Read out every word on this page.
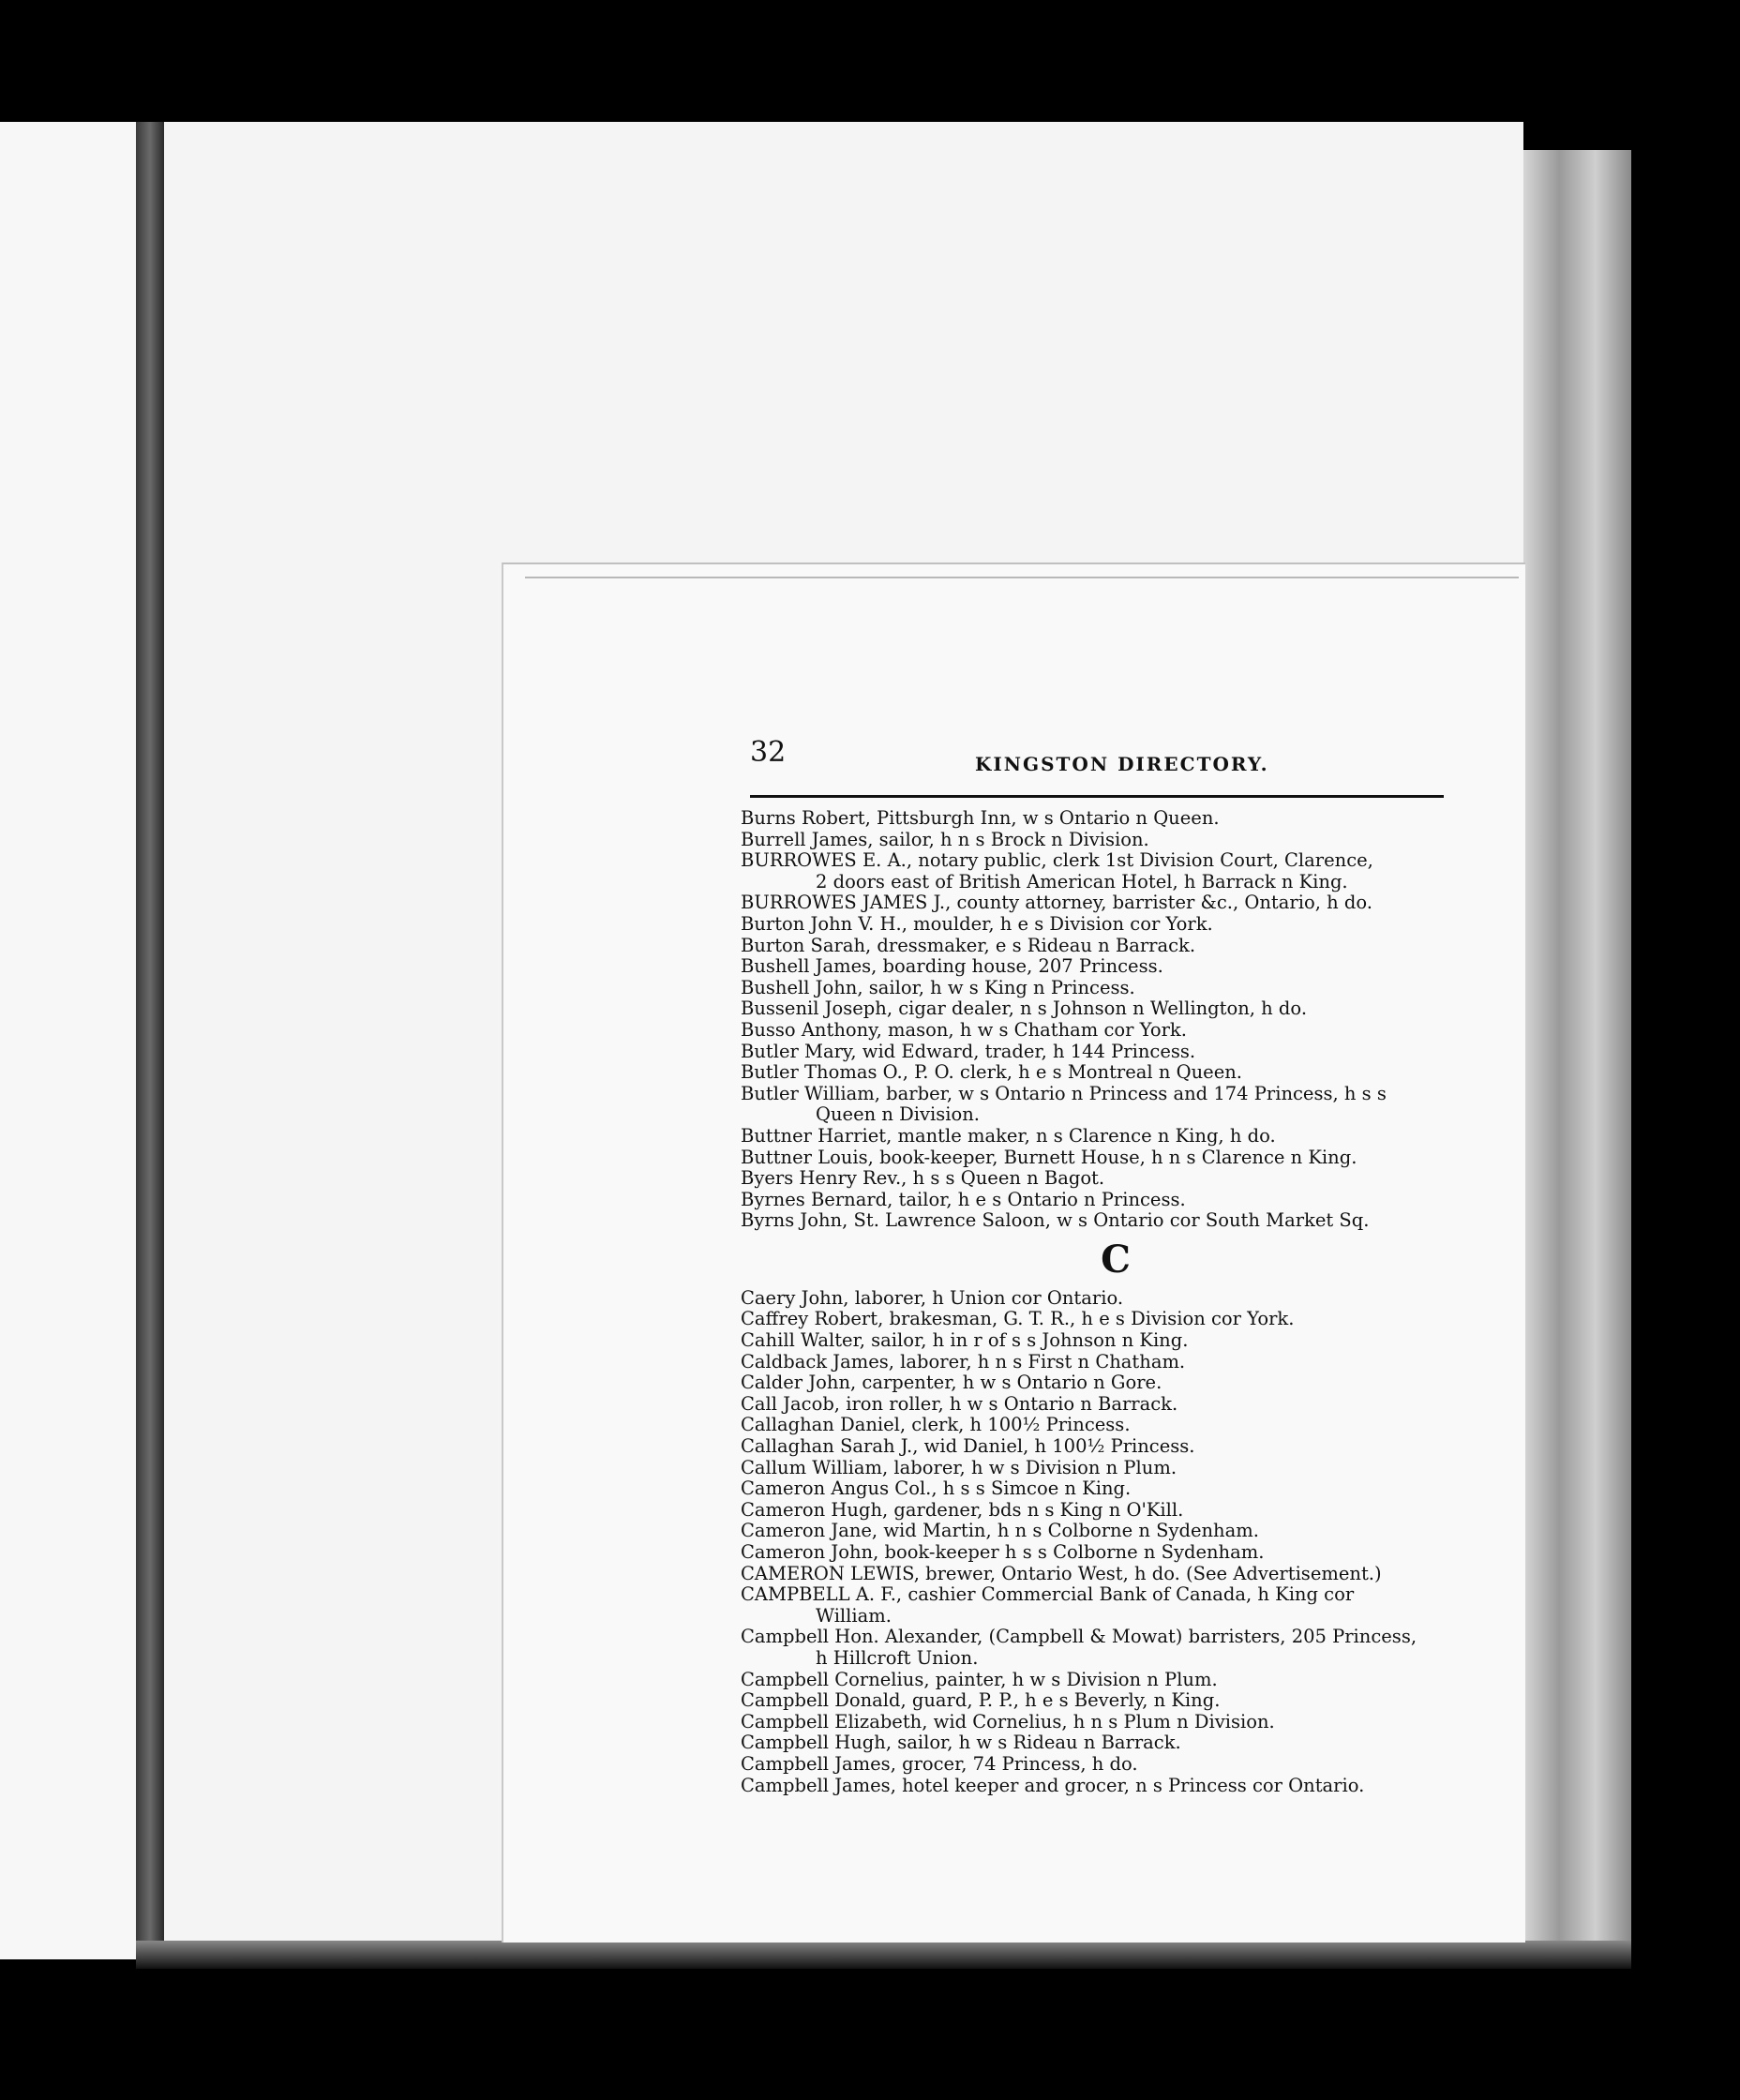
32	KINGSTON DIRECTORY.
Burns Robert, Pittsburgh Inn, w s Ontario n Queen.
Burrell James, sailor, h n s Brock n Division.
BURROWES E. A., notary public, clerk 1st Division Court, Clarence,
2 doors east of British American Hotel, h Barrack n King.
BURROWES JAMES J., county attorney, barrister &c., Ontario, h do.
Burton John V. H., moulder, h e s Division cor York.
Burton Sarah, dressmaker, e s Rideau n Barrack.
Bushell James, boarding house, 207 Princess.
Bushell John, sailor, h w s King n Princess.
Bussenil Joseph, cigar dealer, n s Johnson n Wellington, h do.
Busso Anthony, mason, h w s Chatham cor York.
Butler Mary, wid Edward, trader, h 144 Princess.
Butler Thomas O., P. O. clerk, h e s Montreal n Queen.
Butler William, barber, w s Ontario n Princess and 174 Princess, h s s
Queen n Division.
Buttner Harriet, mantle maker, n s Clarence n King, h do.
Buttner Louis, book-keeper, Burnett House, h n s Clarence n King.
Byers Henry Rev., h s s Queen n Bagot.
Byrnes Bernard, tailor, h e s Ontario n Princess.
Byrns John, St. Lawrence Saloon, w s Ontario cor South Market Sq.
C
Caery John, laborer, h Union cor Ontario.
Caffrey Robert, brakesman, G. T. R., h e s Division cor York.
Cahill Walter, sailor, h in r of s s Johnson n King.
Caldback James, laborer, h n s First n Chatham.
Calder John, carpenter, h w s Ontario n Gore.
Call Jacob, iron roller, h w s Ontario n Barrack.
Callaghan Daniel, clerk, h 100½ Princess.
Callaghan Sarah J., wid Daniel, h 100½ Princess.
Callum William, laborer, h w s Division n Plum.
Cameron Angus Col., h s s Simcoe n King.
Cameron Hugh, gardener, bds n s King n O'Kill.
Cameron Jane, wid Martin, h n s Colborne n Sydenham.
Cameron John, book-keeper h s s Colborne n Sydenham.
CAMERON LEWIS, brewer, Ontario West, h do. (See Advertisement.)
CAMPBELL A. F., cashier Commercial Bank of Canada, h King cor
William.
Campbell Hon. Alexander, (Campbell & Mowat) barristers, 205 Princess,
h Hillcroft Union.
Campbell Cornelius, painter, h w s Division n Plum.
Campbell Donald, guard, P. P., h e s Beverly, n King.
Campbell Elizabeth, wid Cornelius, h n s Plum n Division.
Campbell Hugh, sailor, h w s Rideau n Barrack.
Campbell James, grocer, 74 Princess, h do.
Campbell James, hotel keeper and grocer, n s Princess cor Ontario.
